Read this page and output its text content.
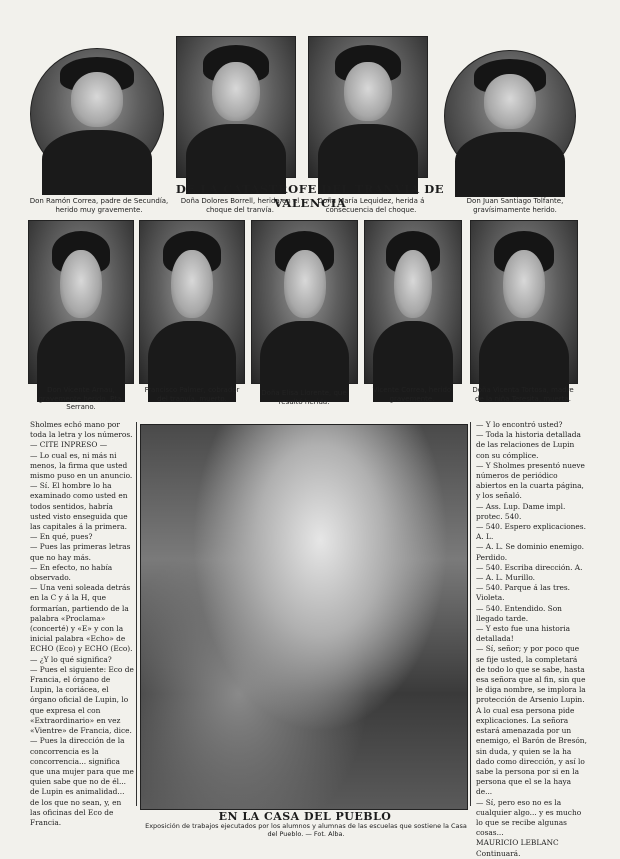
DE LA CATASTROFE DEL TRANVIA DE VALENCIA
Don Ramón Correa, padre de Secundía, herido muy gravemente.
Doña Dolores Borrell, herida en el choque del tranvía.
Doña María Lequidez, herida á consecuencia del choque.
Don Juan Santiago Tolfante, gravísimamente herido.
Don Vicente Arnau, gravemente herido, Pta. Serrano.
Francisco Palmer, cobrador del tranvía, muerto.
Doña Elisa Llorente, que resultó herida.
Vicente Correa, herido gravemente.
Doña Vicenta Tortosa, madre de la niña Teresita, muerta.
Sholmes echó mano por toda la letra y los números.
— CITE INPRESO —
— Lo cual es, ni más ni menos, la firma que usted mismo puso en un anuncio.
— Sí. El hombre lo ha examinado como usted en todos sentidos, habría usted visto enseguida que las capitales á la primera.
— En qué, pues?
— Pues las primeras letras que no hay más.
— En efecto, no había observado.
— Una veni soleada detrás en la C y á la H, que formarían, partiendo de la palabra «Proclama» (concerté) y «E» y con la inicial palabra «Echo» de ECHO (Eco) y ECHO (Eco).
— ¿Y lo qué significa?
— Pues el siguiente: Eco de Francia, el órgano de Lupin, la coriácea, el órgano oficial de Lupin, lo que expresa el con «Extraordinario» en vez «Vientre» de Francia, dice.
— Pues la dirección de la concorrencia es la concorrencia... significa que una mujer para que me quien sabe que no de él... de Lupin es animalidad... de los que no sean, y, en las oficinas del Eco de Francia.	EN LA CASA DEL PUEBLO
Exposición de trabajos ejecutados por los alumnos y alumnas de las escuelas que sostiene la Casa del Pueblo. — Fot. Alba.
— Y lo encontró usted?
— Toda la historia detallada de las relaciones de Lupin con su cómplice.
— Y Sholmes presentó nueve números de periódico abiertos en la cuarta página, y los señaló.
— Ass. Lup. Dame impl. protec. 540.
— 540. Espero explicaciones. A. L.
— A. L. Se dominio enemigo. Perdido.
— 540. Escriba dirección. A.
— A. L. Murillo.
— 540. Parque á las tres. Violeta.
— 540. Entendido. Son llegado tarde.
— Y esto fue una historia detallada!
— Sí, señor; y por poco que se fije usted, la completará de todo lo que se sabe, hasta esa señora que al fin, sin que le diga nombre, se implora la protección de Arsenio Lupin. A lo cual esa persona pide explicaciones. La señora estará amenazada por un enemigo, el Barón de Bresón, sin duda, y quien se la ha dado como dirección, y así lo sabe la persona por si en la persona que el se la haya de...
— Sí, pero eso no es la cualquier algo... y es mucho lo que se recibe algunas cosas...
MAURICIO LEBLANC
Continuará.
